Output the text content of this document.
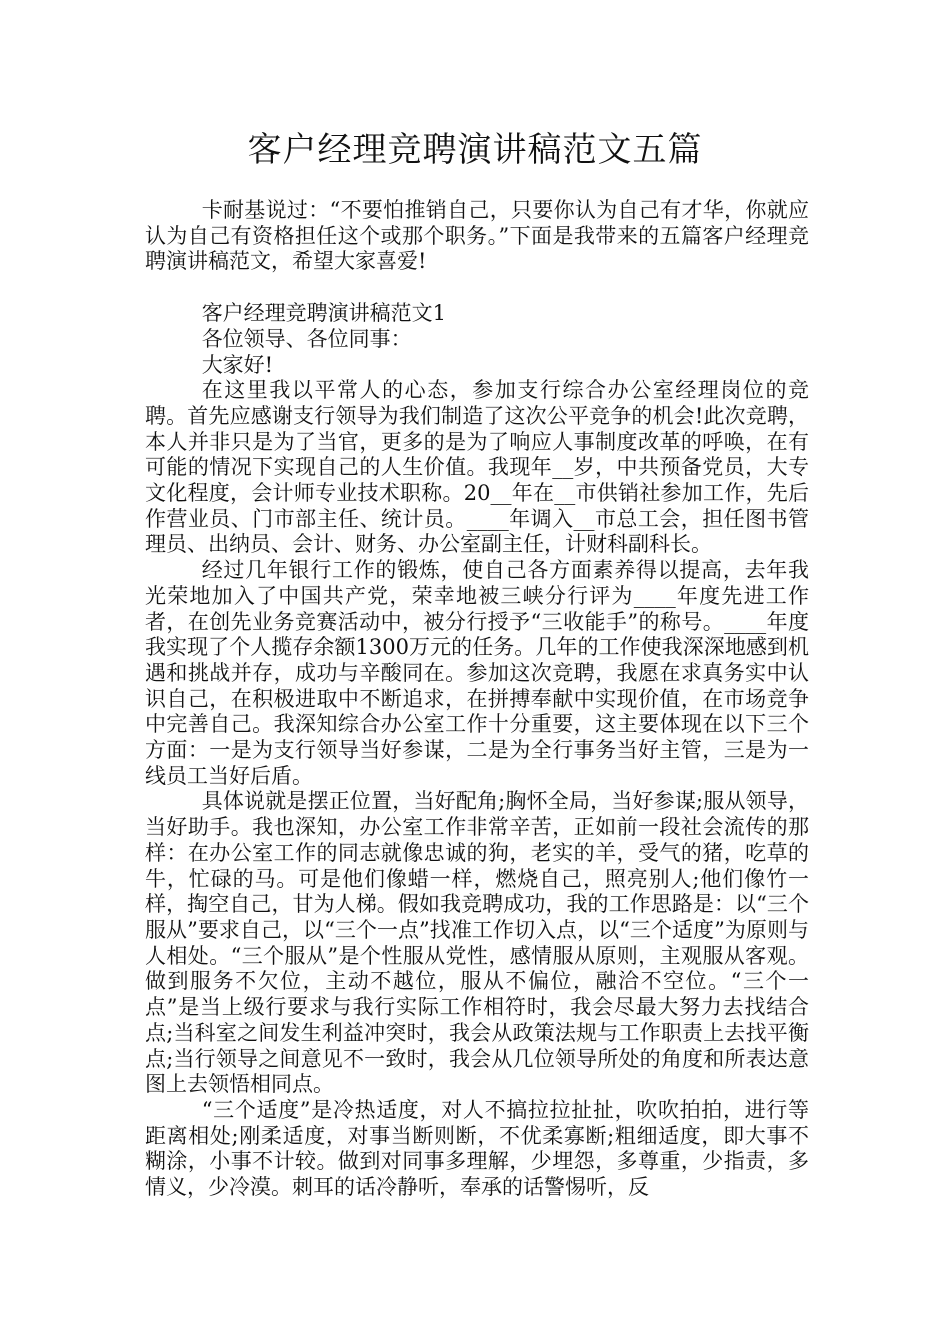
客户经理竞聘演讲稿范文五篇

卡耐基说过：“不要怕推销自己，只要你认为自己有才华，你就应认为自己有资格担任这个或那个职务。”下面是我带来的五篇客户经理竞聘演讲稿范文，希望大家喜爱!

客户经理竞聘演讲稿范文1

各位领导、各位同事：

大家好!

在这里我以平常人的心态，参加支行综合办公室经理岗位的竞聘。首先应感谢支行领导为我们制造了这次公平竞争的机会!此次竞聘，本人并非只是为了当官，更多的是为了响应人事制度改革的呼唤，在有可能的情况下实现自己的人生价值。我现年__岁，中共预备党员，大专文化程度，会计师专业技术职称。20__年在__市供销社参加工作，先后作营业员、门市部主任、统计员。____年调入__市总工会，担任图书管理员、出纳员、会计、财务、办公室副主任，计财科副科长。

经过几年银行工作的锻炼，使自己各方面素养得以提高，去年我光荣地加入了中国共产党，荣幸地被三峡分行评为____年度先进工作者，在创先业务竞赛活动中，被分行授予“三收能手”的称号。____年度我实现了个人揽存余额1300万元的任务。几年的工作使我深深地感到机遇和挑战并存，成功与辛酸同在。参加这次竞聘，我愿在求真务实中认识自己，在积极进取中不断追求，在拼搏奉献中实现价值，在市场竞争中完善自己。我深知综合办公室工作十分重要，这主要体现在以下三个方面：一是为支行领导当好参谋，二是为全行事务当好主管，三是为一线员工当好后盾。

具体说就是摆正位置，当好配角;胸怀全局，当好参谋;服从领导，当好助手。我也深知，办公室工作非常辛苦，正如前一段社会流传的那样：在办公室工作的同志就像忠诚的狗，老实的羊，受气的猪，吃草的牛，忙碌的马。可是他们像蜡一样，燃烧自己，照亮别人;他们像竹一样，掏空自己，甘为人梯。假如我竞聘成功，我的工作思路是：以“三个服从”要求自己，以“三个一点”找准工作切入点，以“三个适度”为原则与人相处。“三个服从”是个性服从党性，感情服从原则，主观服从客观。做到服务不欠位，主动不越位，服从不偏位，融洽不空位。“三个一点”是当上级行要求与我行实际工作相符时，我会尽最大努力去找结合点;当科室之间发生利益冲突时，我会从政策法规与工作职责上去找平衡点;当行领导之间意见不一致时，我会从几位领导所处的角度和所表达意图上去领悟相同点。

“三个适度”是冷热适度，对人不搞拉拉扯扯，吹吹拍拍，进行等距离相处;刚柔适度，对事当断则断，不优柔寡断;粗细适度，即大事不糊涂，小事不计较。做到对同事多理解，少埋怨，多尊重，少指责，多情义，少冷漠。刺耳的话冷静听，奉承的话警惕听，反
